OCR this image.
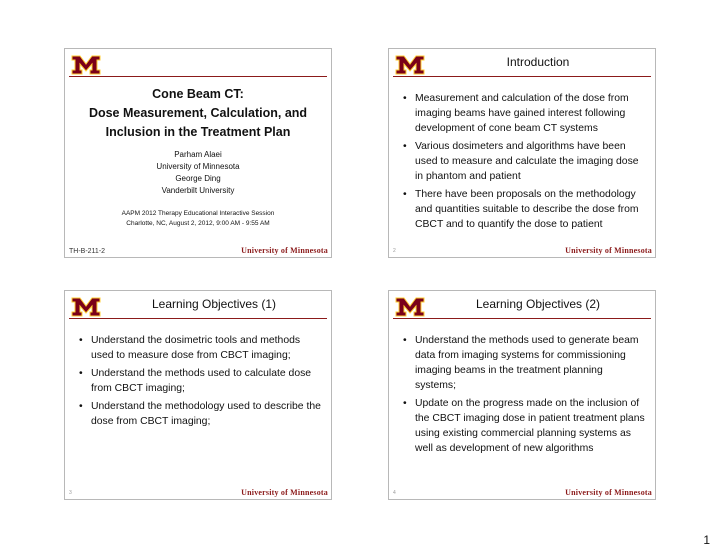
Cone Beam CT:
Dose Measurement, Calculation, and
Inclusion in the Treatment Plan
Parham Alaei
University of Minnesota
George Ding
Vanderbilt University
AAPM 2012 Therapy Educational Interactive Session
Charlotte, NC, August 2, 2012, 9:00 AM - 9:55 AM
TH-B-211-2	University of Minnesota
Introduction
• Measurement and calculation of the dose from imaging beams have gained interest following development of cone beam CT systems
• Various dosimeters and algorithms have been used to measure and calculate the imaging dose in phantom and patient
• There have been proposals on the methodology and quantities suitable to describe the dose from CBCT and to quantify the dose to patient
2	University of Minnesota
Learning Objectives (1)
• Understand the dosimetric tools and methods used to measure dose from CBCT imaging;
• Understand the methods used to calculate dose from CBCT imaging;
• Understand the methodology used to describe the dose from CBCT imaging;
3	University of Minnesota
Learning Objectives (2)
• Understand the methods used to generate beam data from imaging systems for commissioning imaging beams in the treatment planning systems;
• Update on the progress made on the inclusion of the CBCT imaging dose in patient treatment plans using existing commercial planning systems as well as development of new algorithms
4	University of Minnesota
1
